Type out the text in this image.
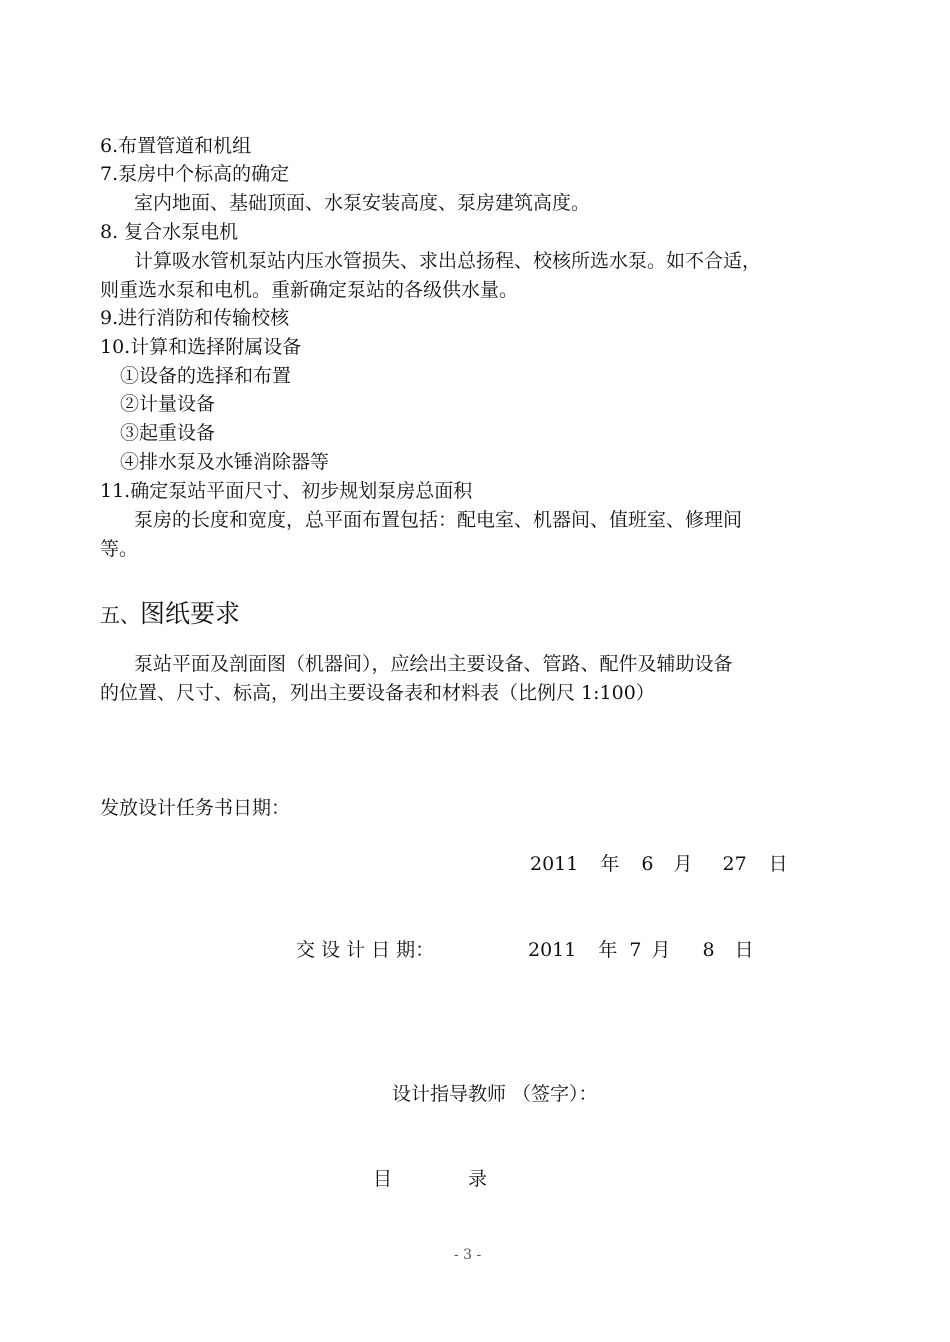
6.布置管道和机组
7.泵房中个标高的确定
室内地面、基础顶面、水泵安装高度、泵房建筑高度。
8. 复合水泵电机
计算吸水管机泵站内压水管损失、求出总扬程、校核所选水泵。如不合适，
则重选水泵和电机。重新确定泵站的各级供水量。
9.进行消防和传输校核
10.计算和选择附属设备
①设备的选择和布置
②计量设备
③起重设备
④排水泵及水锤消除器等
11.确定泵站平面尺寸、初步规划泵房总面积
泵房的长度和宽度，总平面布置包括：配电室、机器间、值班室、修理间
等。
五、图纸要求
泵站平面及剖面图（机器间），应绘出主要设备、管路、配件及辅助设备
的位置、尺寸、标高，列出主要设备表和材料表（比例尺 1:100）
发放设计任务书日期：
2011 年 6 月 27 日
交 设 计 日 期：	2011 年 7 月 8 日
设计指导教师 （签字）：
目	录
- 3 -
